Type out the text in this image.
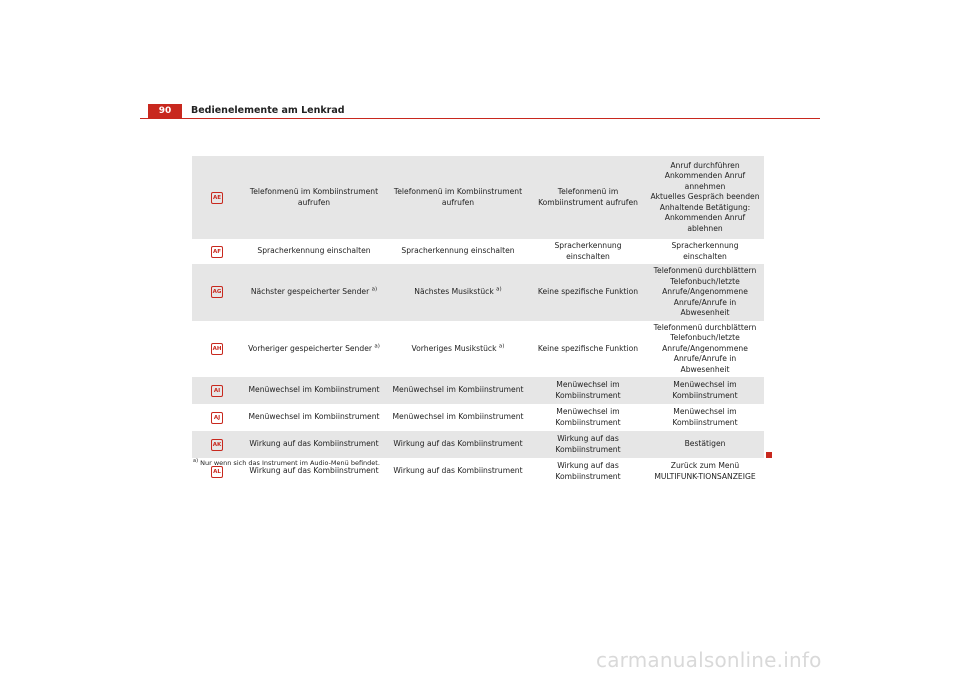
90	Bedienelemente am Lenkrad
AE	Telefonmenü im Kombiinstrument aufrufen	Telefonmenü im Kombiinstrument aufrufen	Telefonmenü im Kombiinstrument aufrufen	Anruf durchführen
Ankommenden Anruf annehmen
Aktuelles Gespräch beenden
Anhaltende Betätigung: Ankommenden Anruf ablehnen
AF	Spracherkennung einschalten	Spracherkennung einschalten	Spracherkennung einschalten	Spracherkennung einschalten
AG	Nächster gespeicherter Sender $^{a)}$	Nächstes Musikstück $^{a)}$	Keine spezifische Funktion	Telefonmenü durchblättern Telefonbuch/letzte Anrufe/Angenommene Anrufe/Anrufe in Abwesenheit
AH	Vorheriger gespeicherter Sender $^{a)}$	Vorheriges Musikstück $^{a)}$	Keine spezifische Funktion	Telefonmenü durchblättern Telefonbuch/letzte Anrufe/Angenommene Anrufe/Anrufe in Abwesenheit
AI	Menüwechsel im Kombiinstrument	Menüwechsel im Kombiinstrument	Menüwechsel im Kombiinstrument	Menüwechsel im Kombiinstrument
AJ	Menüwechsel im Kombiinstrument	Menüwechsel im Kombiinstrument	Menüwechsel im Kombiinstrument	Menüwechsel im Kombiinstrument
AK	Wirkung auf das Kombiinstrument	Wirkung auf das Kombiinstrument	Wirkung auf das Kombiinstrument	Bestätigen
AL	Wirkung auf das Kombiinstrument	Wirkung auf das Kombiinstrument	Wirkung auf das Kombiinstrument	Zurück zum Menü MULTIFUNK-TIONSANZEIGE
$^{a)}$ Nur wenn sich das Instrument im Audio-Menü befindet.
carmanualsonline.info
